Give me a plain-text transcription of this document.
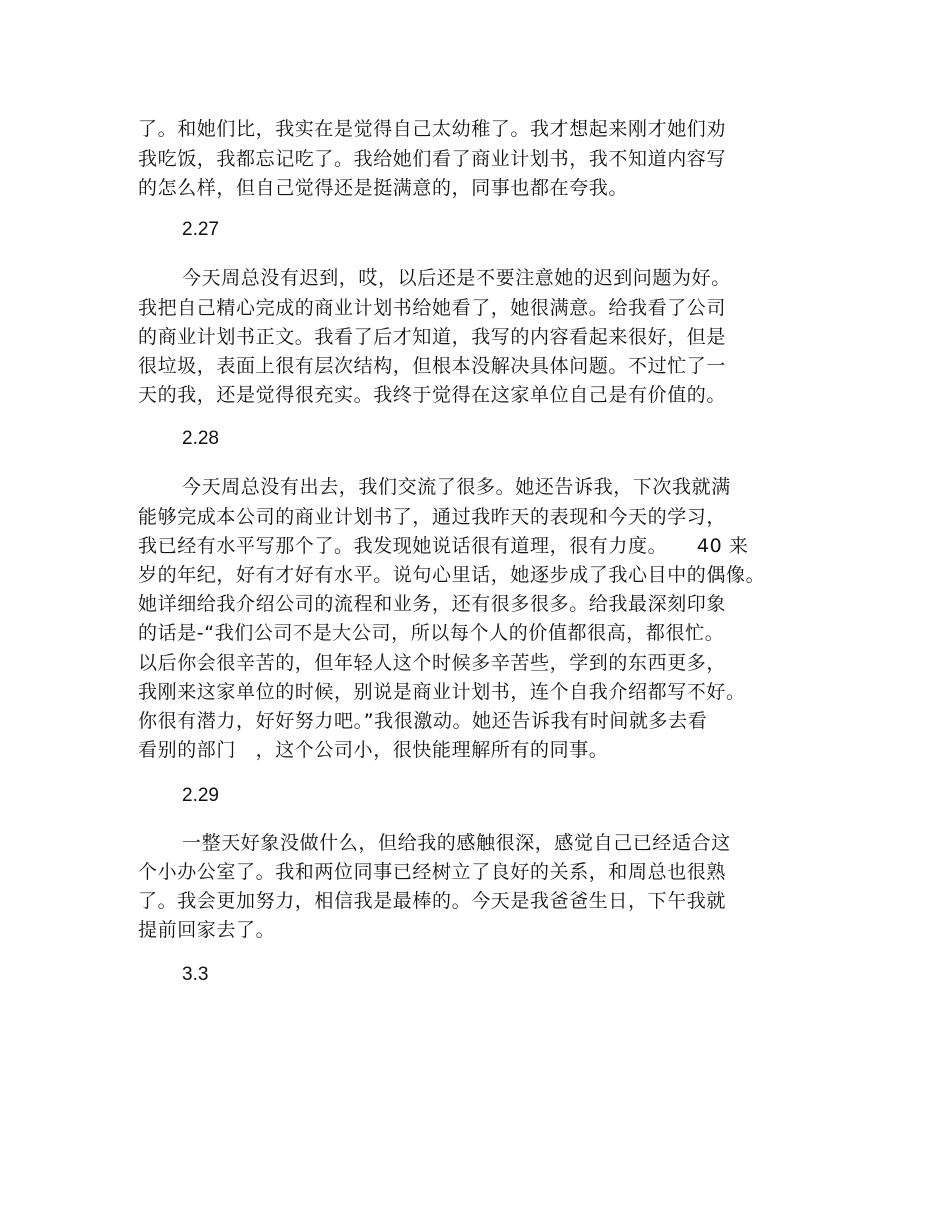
了。和她们比，我实在是觉得自己太幼稚了。我才想起来刚才她们劝
我吃饭，我都忘记吃了。我给她们看了商业计划书，我不知道内容写
的怎么样，但自己觉得还是挺满意的，同事也都在夸我。
2.27
今天周总没有迟到，哎，以后还是不要注意她的迟到问题为好。
我把自己精心完成的商业计划书给她看了，她很满意。给我看了公司
的商业计划书正文。我看了后才知道，我写的内容看起来很好，但是
很垃圾，表面上很有层次结构，但根本没解决具体问题。不过忙了一
天的我，还是觉得很充实。我终于觉得在这家单位自己是有价值的。
2.28
今天周总没有出去，我们交流了很多。她还告诉我，下次我就满
能够完成本公司的商业计划书了，通过我昨天的表现和今天的学习，
我已经有水平写那个了。我发现她说话很有道理，很有力度。　　40 来
岁的年纪，好有才好有水平。说句心里话，她逐步成了我心目中的偶像。
她详细给我介绍公司的流程和业务，还有很多很多。给我最深刻印象
的话是-“我们公司不是大公司，所以每个人的价值都很高，都很忙。
以后你会很辛苦的，但年轻人这个时候多辛苦些，学到的东西更多，
我刚来这家单位的时候，别说是商业计划书，连个自我介绍都写不好。
你很有潜力，好好努力吧。”我很激动。她还告诉我有时间就多去看
看别的部门　，这个公司小，很快能理解所有的同事。
2.29
一整天好象没做什么，但给我的感触很深，感觉自己已经适合这
个小办公室了。我和两位同事已经树立了良好的关系，和周总也很熟
了。我会更加努力，相信我是最棒的。今天是我爸爸生日，下午我就
提前回家去了。
3.3
